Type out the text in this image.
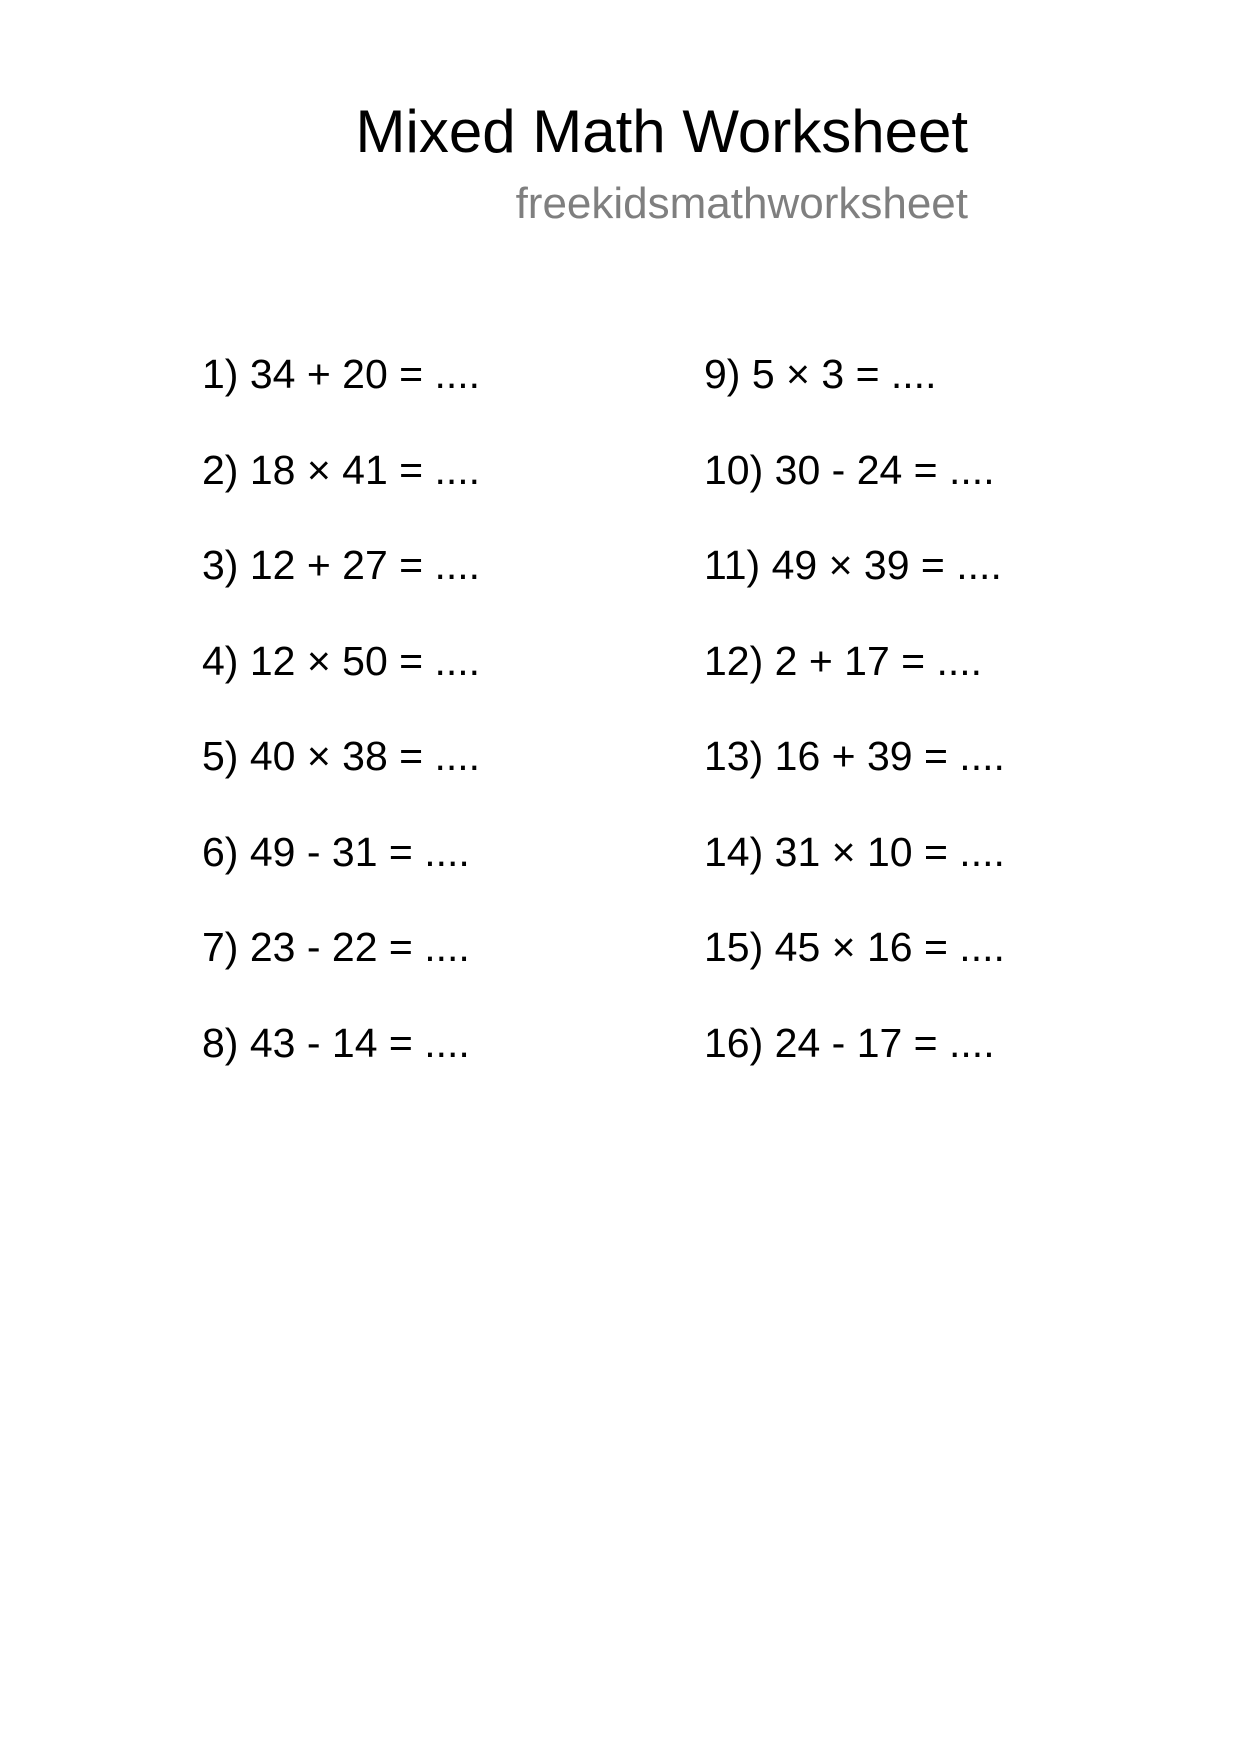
Mixed Math Worksheet
freekidsmathworksheet
1) 34 + 20 = ....
2) 18 × 41 = ....
3) 12 + 27 = ....
4) 12 × 50 = ....
5) 40 × 38 = ....
6) 49 - 31 = ....
7) 23 - 22 = ....
8) 43 - 14 = ....
9) 5 × 3 = ....
10) 30 - 24 = ....
11) 49 × 39 = ....
12) 2 + 17 = ....
13) 16 + 39 = ....
14) 31 × 10 = ....
15) 45 × 16 = ....
16) 24 - 17 = ....
